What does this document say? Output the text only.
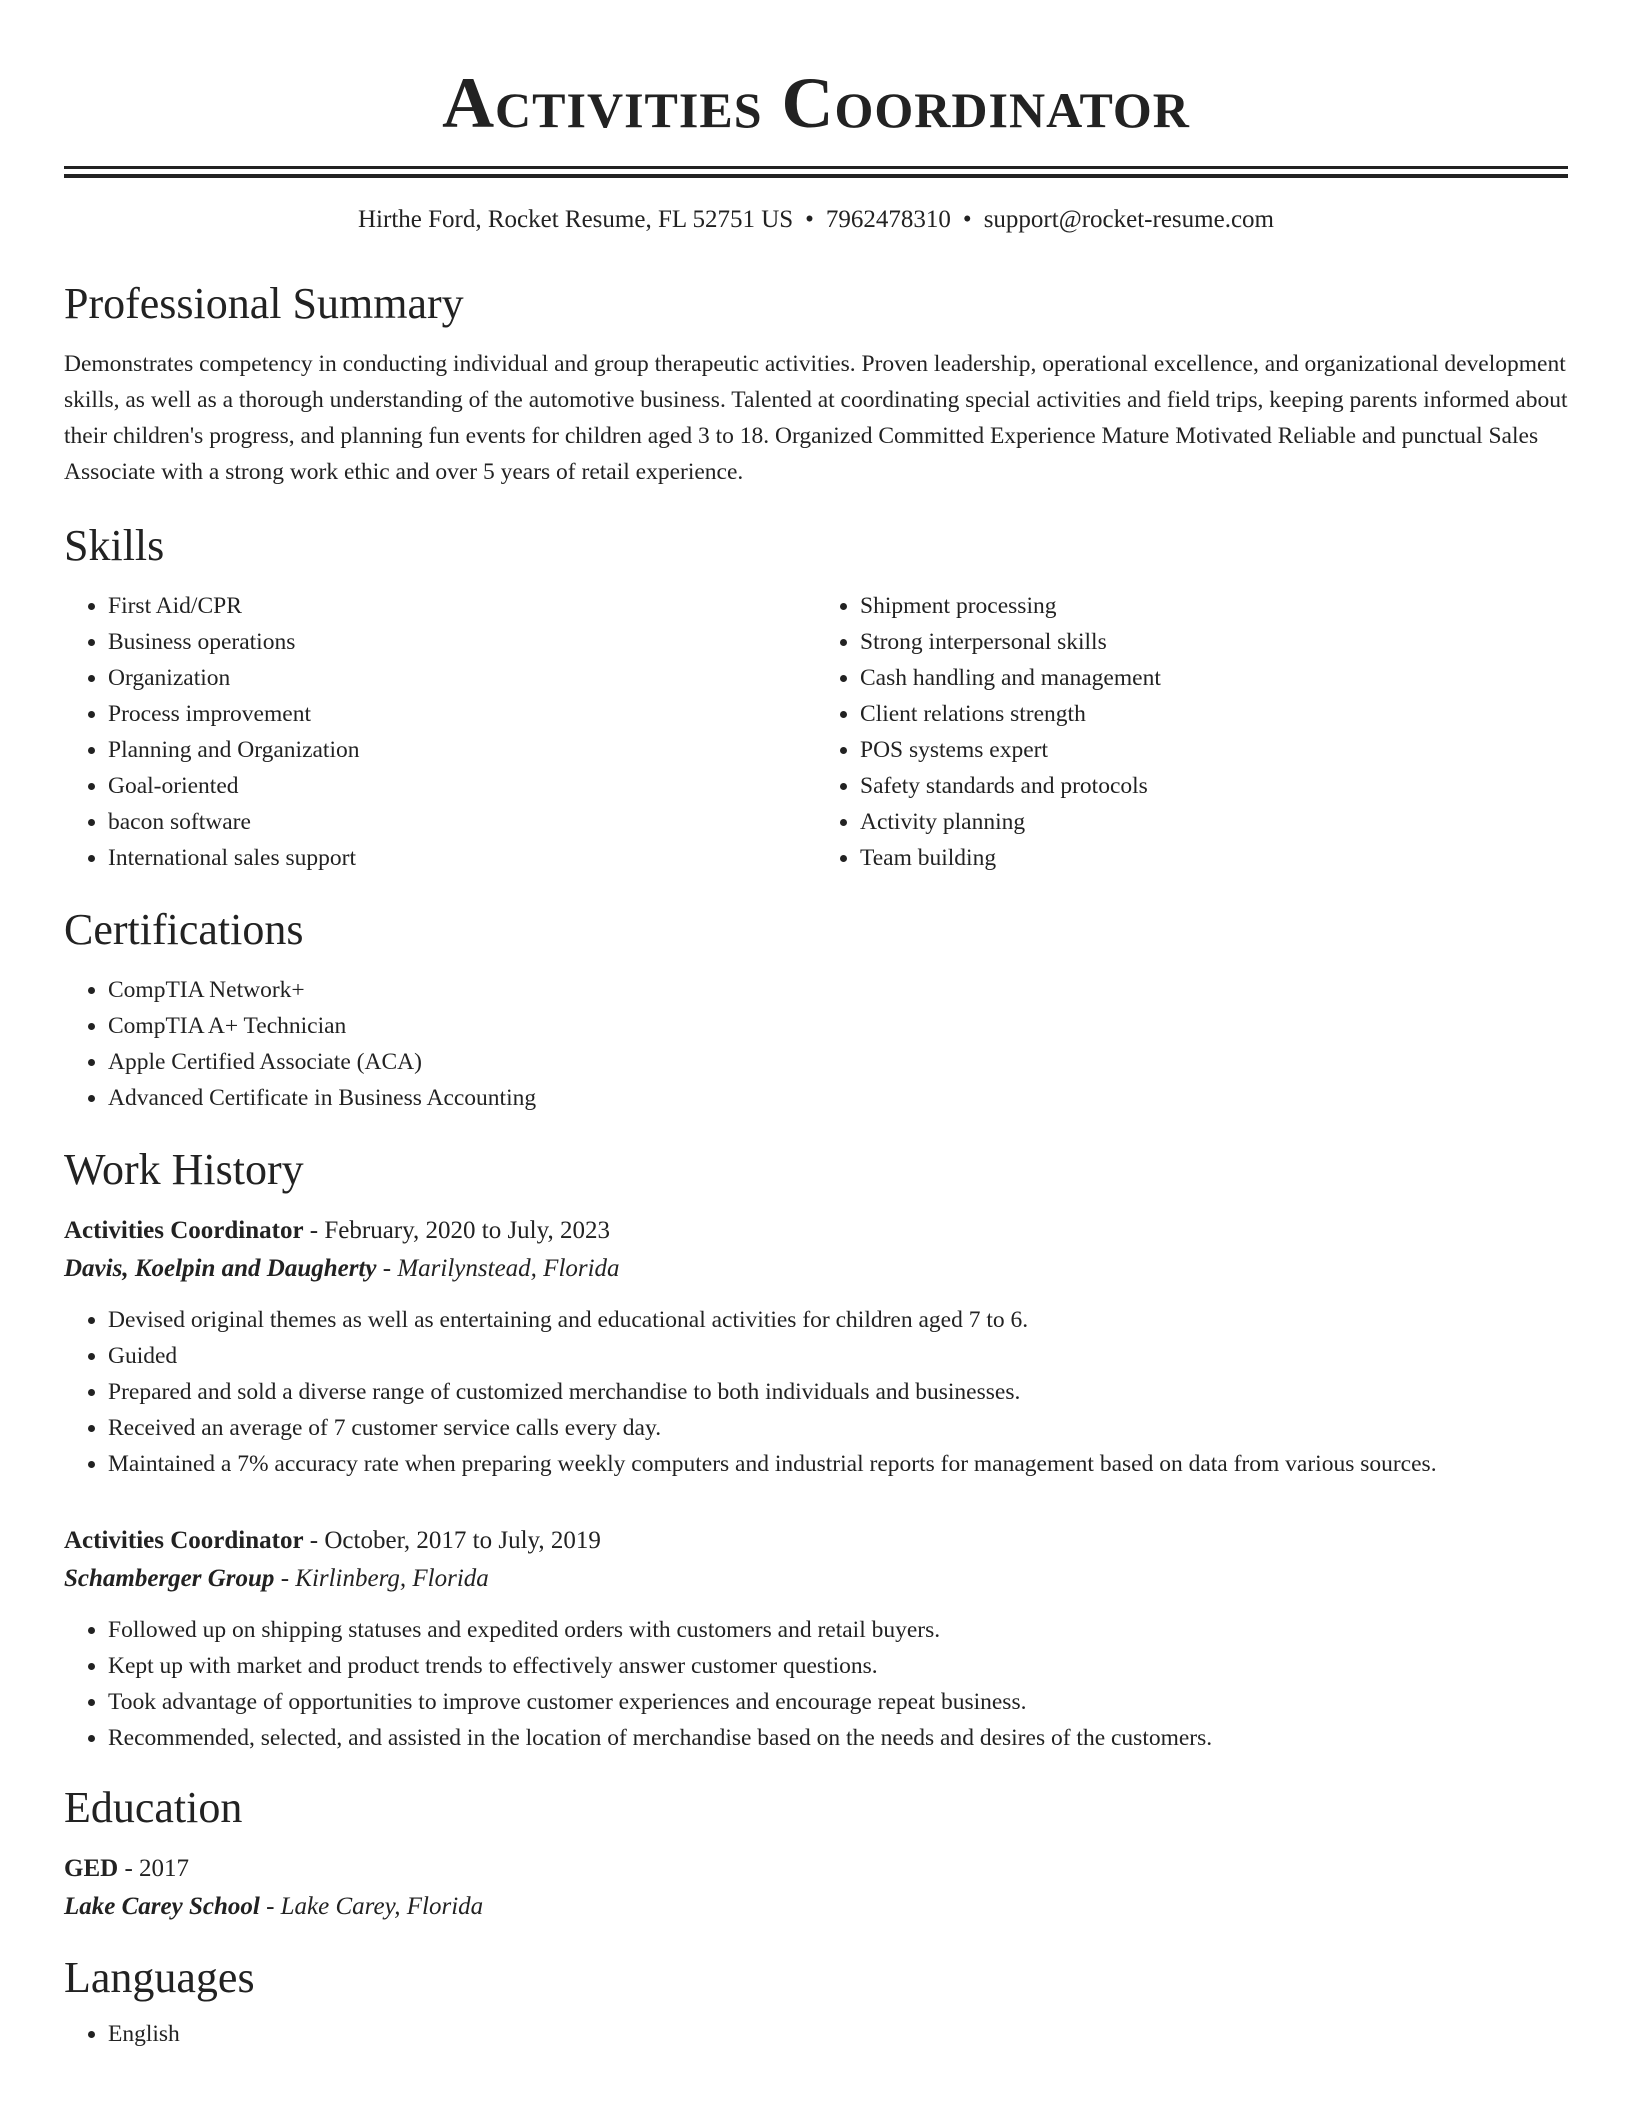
Activities Coordinator
Hirthe Ford, Rocket Resume, FL 52751 US • 7962478310 • support@rocket-resume.com
Professional Summary

Demonstrates competency in conducting individual and group therapeutic activities. Proven leadership, operational excellence, and organizational development skills, as well as a thorough understanding of the automotive business. Talented at coordinating special activities and field trips, keeping parents informed about their children's progress, and planning fun events for children aged 3 to 18. Organized Committed Experience Mature Motivated Reliable and punctual Sales Associate with a strong work ethic and over 5 years of retail experience.

Skills
• First Aid/CPR
• Business operations
• Organization
• Process improvement
• Planning and Organization
• Goal-oriented
• bacon software
• International sales support
• Shipment processing
• Strong interpersonal skills
• Cash handling and management
• Client relations strength
• POS systems expert
• Safety standards and protocols
• Activity planning
• Team building
Certifications
• CompTIA Network+
• CompTIA A+ Technician
• Apple Certified Associate (ACA)
• Advanced Certificate in Business Accounting
Work History
Activities Coordinator - February, 2020 to July, 2023
Davis, Koelpin and Daugherty - Marilynstead, Florida
• Devised original themes as well as entertaining and educational activities for children aged 7 to 6.
• Guided
• Prepared and sold a diverse range of customized merchandise to both individuals and businesses.
• Received an average of 7 customer service calls every day.
• Maintained a 7% accuracy rate when preparing weekly computers and industrial reports for management based on data from various sources.
Activities Coordinator - October, 2017 to July, 2019
Schamberger Group - Kirlinberg, Florida
• Followed up on shipping statuses and expedited orders with customers and retail buyers.
• Kept up with market and product trends to effectively answer customer questions.
• Took advantage of opportunities to improve customer experiences and encourage repeat business.
• Recommended, selected, and assisted in the location of merchandise based on the needs and desires of the customers.
Education
GED - 2017
Lake Carey School - Lake Carey, Florida
Languages
• English
